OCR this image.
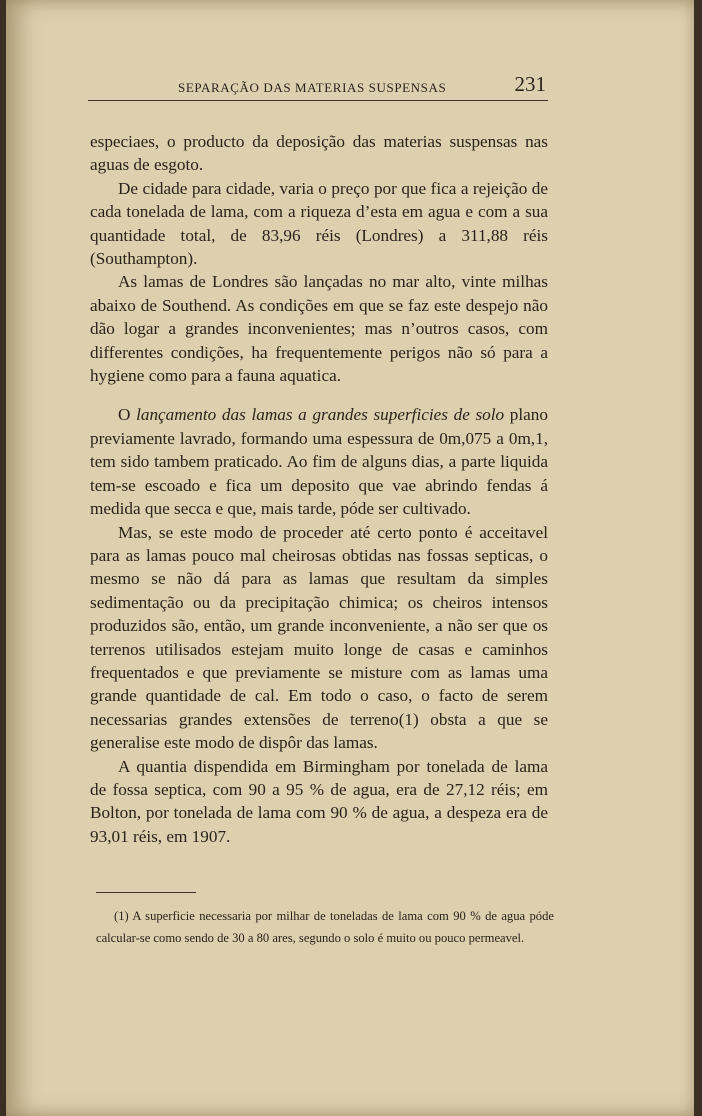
SEPARAÇÃO DAS MATERIAS SUSPENSAS	231

especiaes, o producto da deposição das materias suspensas nas aguas de esgoto.

De cidade para cidade, varia o preço por que fica a rejeição de cada tonelada de lama, com a riqueza d’esta em agua e com a sua quantidade total, de 83,96 réis (Londres) a 311,88 réis (Southampton).

As lamas de Londres são lançadas no mar alto, vinte milhas abaixo de Southend. As condições em que se faz este despejo não dão logar a grandes inconvenientes; mas n’outros casos, com differentes condições, ha frequentemente perigos não só para a hygiene como para a fauna aquatica.

O lançamento das lamas a grandes superficies de solo plano previamente lavrado, formando uma espessura de 0m,075 a 0m,1, tem sido tambem praticado. Ao fim de alguns dias, a parte liquida tem-se escoado e fica um deposito que vae abrindo fendas á medida que secca e que, mais tarde, póde ser cultivado.

Mas, se este modo de proceder até certo ponto é acceitavel para as lamas pouco mal cheirosas obtidas nas fossas septicas, o mesmo se não dá para as lamas que resultam da simples sedimentação ou da precipitação chimica; os cheiros intensos produzidos são, então, um grande inconveniente, a não ser que os terrenos utilisados estejam muito longe de casas e caminhos frequentados e que previamente se misture com as lamas uma grande quantidade de cal. Em todo o caso, o facto de serem necessarias grandes extensões de terreno(1) obsta a que se generalise este modo de dispôr das lamas.

A quantia dispendida em Birmingham por tonelada de lama de fossa septica, com 90 a 95 % de agua, era de 27,12 réis; em Bolton, por tonelada de lama com 90 % de agua, a despeza era de 93,01 réis, em 1907.

(1) A superficie necessaria por milhar de toneladas de lama com 90 % de agua póde calcular-se como sendo de 30 a 80 ares, segundo o solo é muito ou pouco permeavel.
